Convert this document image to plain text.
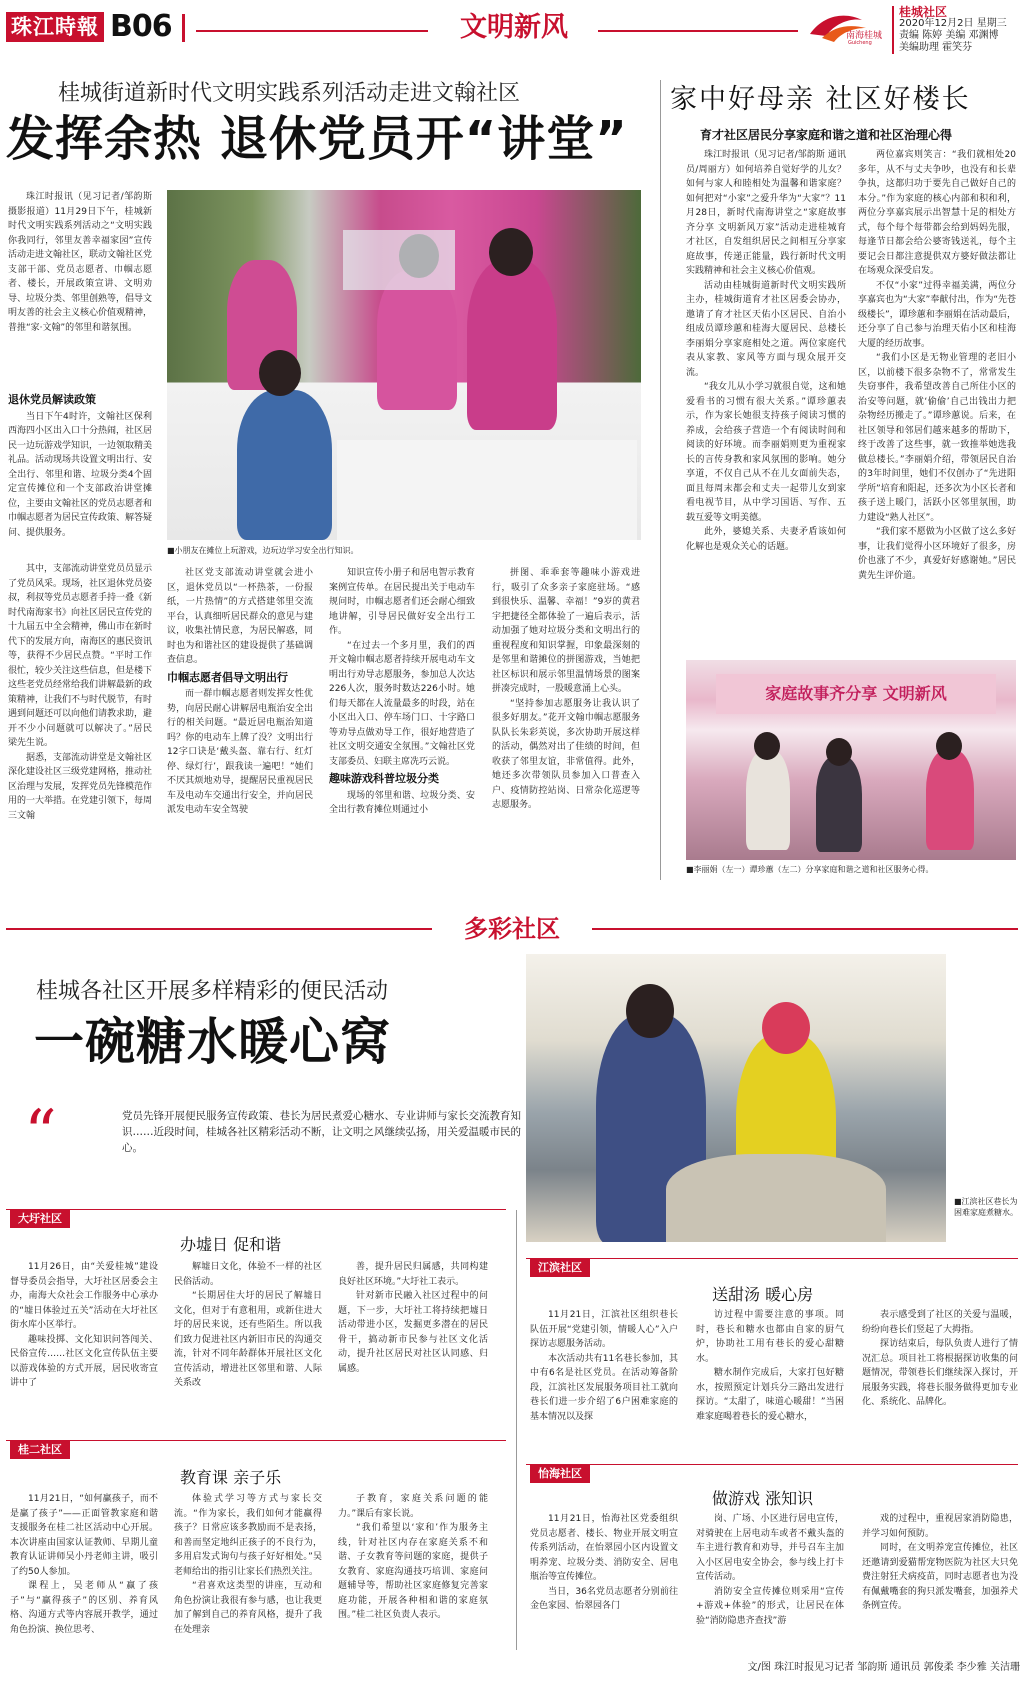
珠江時報 B06	文明新风	南海桂城
Guicheng
桂城社区
2020年12月2日 星期三
责编 陈婷 美编 邓渊博
美编助理 霍笑芬
桂城街道新时代文明实践系列活动走进文翰社区
发挥余热 退休党员开“讲堂”

珠江时报讯（见习记者/邹韵斯 摄影报道）11月29日下午，桂城新时代文明实践系列活动之“文明实践你我同行，邻里友善幸福家园”宣传活动走进文翰社区，联动文翰社区党支部干部、党员志愿者、巾帼志愿者、楼长，开展政策宣讲、文明劝导、垃圾分类、邻里创熟等，倡导文明友善的社会主义核心价值观精神，普推“家·文翰”的邻里和谐氛围。

退休党员解读政策

当日下午4时许，文翰社区保利西海四小区出入口十分热闹，社区居民一边玩游戏学知识，一边领取精美礼品。活动现场共设置文明出行、安全出行、邻里和谐、垃圾分类4个固定宣传摊位和一个支部政治讲堂摊位，主要由文翰社区的党员志愿者和巾帼志愿者为居民宣传政策、解答疑问、提供服务。

■小朋友在摊位上玩游戏，边玩边学习安全出行知识。

其中，支部流动讲堂党员员显示了党员风采。现场，社区退休党员姿叔，利叔等党员志愿者手持一叠《新时代南海家书》向社区居民宣传党的十九届五中全会精神，佛山市在新时代下的发展方向，南海区的惠民资讯等，获得不少居民点赞。“平时工作很忙，较少关注这些信息，但是楼下这些老党员经常给我们讲解最新的政策精神，让我们不与时代脱节，有时遇到问题还可以向他们请教求助，避开不少小问题就可以解决了。”居民梁先生说。

据悉，支部流动讲堂是文翰社区深化建设社区三级党建网格，推动社区治理与发展，发挥党员先锋模范作用的一大举措。在党建引领下，每周三文翰

社区党支部流动讲堂就会进小区，退休党员以“一杯热茶，一份报纸，一片热情”的方式搭建邻里交流平台，认真细听居民群众的意见与建议，收集社情民意，为居民解惑，同时也为和谐社区的建设提供了基础调查信息。

巾帼志愿者倡导文明出行

而一群巾帼志愿者则发挥女性优势，向居民耐心讲解居电瓶治安全出行的相关问题。“最近居电瓶治知道吗？你的电动车上牌了没？文明出行12字口诀是‘戴头盔、靠右行、红灯停、绿灯行’，跟我读一遍吧！”她们不厌其烦地劝导，提醒居民重视居民车及电动车交通出行安全，并向居民派发电动车安全驾驶

知识宣传小册子和居电智示教育案例宣传单。在居民提出关于电动车规问时，巾帼志愿者们还会耐心细致地讲解，引导居民做好安全出行工作。

“在过去一个多月里，我们的西开文翰巾帼志愿者持续开展电动车文明出行劝导志愿服务，参加总人次达226人次，服务时数达226小时。她们每天都在人流量最多的时段，站在小区出入口、停车场门口、十字路口等劝导点做劝导工作，很好地营造了社区文明交通安全氛围。”文翰社区党支部委员、妇联主席冼巧云说。

趣味游戏科普垃圾分类

现场的邻里和谐、垃圾分类、安全出行教育摊位则通过小

拼图、乖乖套等趣味小游戏进行，吸引了众多亲子家庭驻场。“感到很快乐、温馨、幸福！”9岁的黄君宇把捷径全都体验了一遍后表示，活动加强了她对垃圾分类和文明出行的重视程度和知识掌握，印象最深刻的是邻里和谐摊位的拼图游戏，当她把社区标识和展示邻里温情场景的图案拼凑完成时，一股暖意涌上心头。

“坚持参加志愿服务让我认识了很多好朋友。”花开文翰巾帼志愿服务队队长朱彩英说，多次协助开展这样的活动，偶然对出了佳绩的时间，但收获了邻里友谊，非常值得。此外，她还多次带领队员参加入口普查入户、疫情防控站岗、日常杂化巡逻等志愿服务。

家中好母亲 社区好楼长
育才社区居民分享家庭和谐之道和社区治理心得

珠江时报讯（见习记者/邹韵斯 通讯员/周丽方）如何培养自觉好学的儿女？如何与家人和睦相处为温馨和谐家庭？如何把对“小家”之爱升华为“大家”？11月28日，新时代南海讲堂之“家庭故事齐分享 文明新风万家”活动走进桂城育才社区，自发组织居民之间相互分享家庭故事，传递正能量，践行新时代文明实践精神和社会主义核心价值观。

活动由桂城街道新时代文明实践所主办，桂城街道育才社区居委会协办，邀请了育才社区天佑小区居民、自治小组成员谭珍蕙和桂海大厦居民、总楼长李丽娟分享家庭相处之道。两位家庭代表从家教、家风等方面与现众展开交流。

“我女儿从小学习就很自觉，这和她爱看书的习惯有很大关系。”谭珍蕙表示，作为家长她很支持孩子阅读习惯的养成，会给孩子营造一个有阅读时间和阅读的好环境。而李丽娟则更为重视家长的言传身教和家风氛围的影响。她分享道，不仅自己从不在儿女面前失态，面且每周末都会和丈夫一起带儿女到家看电视节目，从中学习国语、写作、五载互爱等文明美德。

此外，婆媳关系、夫妻矛盾该如何化解也是观众关心的话题。

两位嘉宾则笑言：“我们就相处20多年，从不与丈夫争吵，也没有和长辈争执，这都归功于要先自己做好自己的本分。”作为家庭的核心内部和积和利，两位分享嘉宾展示出智慧十足的相处方式，每个每个每带都会给到妈妈先服，每逢节日都会给公婆寄钱送礼，每个主要记会日都注意提供双方婆好做法都让在场观众深受启发。

不仅“小家”过得幸福美满，两位分享嘉宾也为“大家”奉献付出，作为“先苍级楼长”，谭珍蕙和李丽娟在活动最后，还分享了自己参与治理天佑小区和桂海大厦的经历故事。

“我们小区是无物业管理的老旧小区，以前楼下很多杂物不了，常常发生失窃事件，我希望改善自己所住小区的治安等问题，就‘偷偷’自己出钱出力把杂物经历搬走了。”谭珍蕙说。后来，在社区领导和邻居们越来越多的帮助下，终于改善了这些事，就一致推举她选我做总楼长。”李丽娟介绍，带领居民自治的3年时间里，她们不仅创办了“先进阳学所”培育和阳起，还多次为小区长者和孩子送上暖门，活跃小区邻里氛围，助力建设“熟人社区”。

“我们家不愿做为小区做了这么多好事，让我们觉得小区环境好了很多，房价也涨了不少，真爱好好感谢她。”居民黄先生评价道。

家庭故事齐分享 文明新风
■李丽娟（左一）谭珍蕙（左二）分享家庭和谐之道和社区服务心得。
多彩社区
桂城各社区开展多样精彩的便民活动
一碗糖水暖心窝
“	党员先锋开展便民服务宣传政策、巷长为居民煮爱心糖水、专业讲师与家长交流教育知识……近段时间，桂城各社区精彩活动不断，让文明之风继续弘扬，用关爱温暖市民的心。
■江滨社区巷长为困难家庭煮糖水。
大圩社区
办墟日 促和谐

11月26日，由“关爱桂城”建设督导委员会指导，大圩社区居委会主办，南海大众社会工作服务中心承办的“墟日体验过五关”活动在大圩社区街水库小区举行。

趣味投掷、文化知识问答闯关、民俗宣传……社区文化宣传队伍主要以游戏体验的方式开展，居民收寄宣讲中了

解墟日文化，体验不一样的社区民俗活动。

“长期居住大圩的居民了解墟日文化，但对于有意租用，或新住进大圩的居民来说，还有些陌生。所以我们致力促进社区内新旧市民的沟通交流，针对不同年龄群体开展社区文化宣传活动，增进社区邻里和谐、人际关系改

善，提升居民归属感，共同构建良好社区环境。”大圩社工表示。

针对新市民融入社区过程中的问题，下一步，大圩社工将持续把墟日活动带进小区，发掘更多潜在的居民骨干，搞动新市民参与社区文化活动，提升社区居民对社区认同感、归属感。

桂二社区
教育课 亲子乐

11月21日，“如何赢孩子，而不是赢了孩子”——正面管教家庭和谐支援服务在桂二社区活动中心开展。本次讲座由国家认证教师、早期儿童教育认证讲师吴小丹老师主讲，吸引了约50人参加。

课程上，吴老师从“赢了孩子”与“赢得孩子”的区别、养育风格、沟通方式等内容展开教学，通过角色扮演、换位思考、

体验式学习等方式与家长交流。“作为家长，我们如何才能赢得孩子？日常应该多教励而不是表扬，和善而坚定地纠正孩子的不良行为，多用启发式询句与孩子好好相处。”吴老师给出的指引让家长们热烈关注。

“君喜欢这类型的讲座，互动和角色扮演让我很有参与感，也让我更加了解到自己的养育风格，提升了我在处理亲

子教育，家庭关系问题的能力。”课后有家长说。

“我们希望以‘家和’作为服务主线，针对社区内存在家庭关系不和谐、子女教育等问题的家庭，提供子女教育、家庭沟通技巧培训、家庭问题辅导等，帮助社区家庭修复完善家庭功能，开展各种相和谐的家庭氛围。”桂二社区负责人表示。

江滨社区
送甜汤 暖心房

11月21日，江滨社区组织巷长队伍开展“党建引领，情暖人心”入户探访志愿服务活动。

本次活动共有11名巷长参加，其中有6名是社区党员。在活动筹备阶段，江滨社区发展服务项目社工就向巷长们进一步介绍了6户困难家庭的基本情况以及探

访过程中需要注意的事项。同时，巷长和糖水也都由自家的厨气炉，协助社工用有巷长的爱心甜糖水。

糖水制作完成后，大家打包好糖水，按照预定计划兵分三路出发进行探访。“太甜了，味道心暖甜！”当困难家庭喝着巷长的爱心糖水，

表示感受到了社区的关爱与温暖，纷纷向巷长们竖起了大拇指。

探访结束后，每队负责人进行了情况汇总。项目社工将根据探访收集的问题情况，带领巷长们继续深入探讨，开展服务实践，将巷长服务做得更加专业化、系统化、品牌化。

怡海社区
做游戏 涨知识

11月21日，怡海社区党委组织党员志愿者、楼长、物业开展文明宣传系列活动，在怡翠园小区内设置文明养宠、垃圾分类、消防安全、居电瓶治等宣传摊位。

当日，36名党员志愿者分别前往金色家园、怡翠园各门

岗、广场、小区进行居电宣传，对骑驶在上居电动车或者不戴头盔的车主进行教育和劝导，并号召车主加入小区居电安全协会，参与线上打卡宣传活动。

消防安全宣传摊位则采用“宣传+游戏+体验”的形式，让居民在体验“消防隐患齐查找”游

戏的过程中，重视居家消防隐患，并学习如何预防。

同时，在文明养宠宣传摊位，社区还邀请到爱猫帮宠物医院为社区大只免费注射狂犬病疫苗，同时志愿者也为没有佩戴嘴套的狗只派发嘴套，加强养犬条例宣传。

文/图 珠江时报见习记者 邹韵斯 通讯员 郭俊柔 李少雅 关洁珊
